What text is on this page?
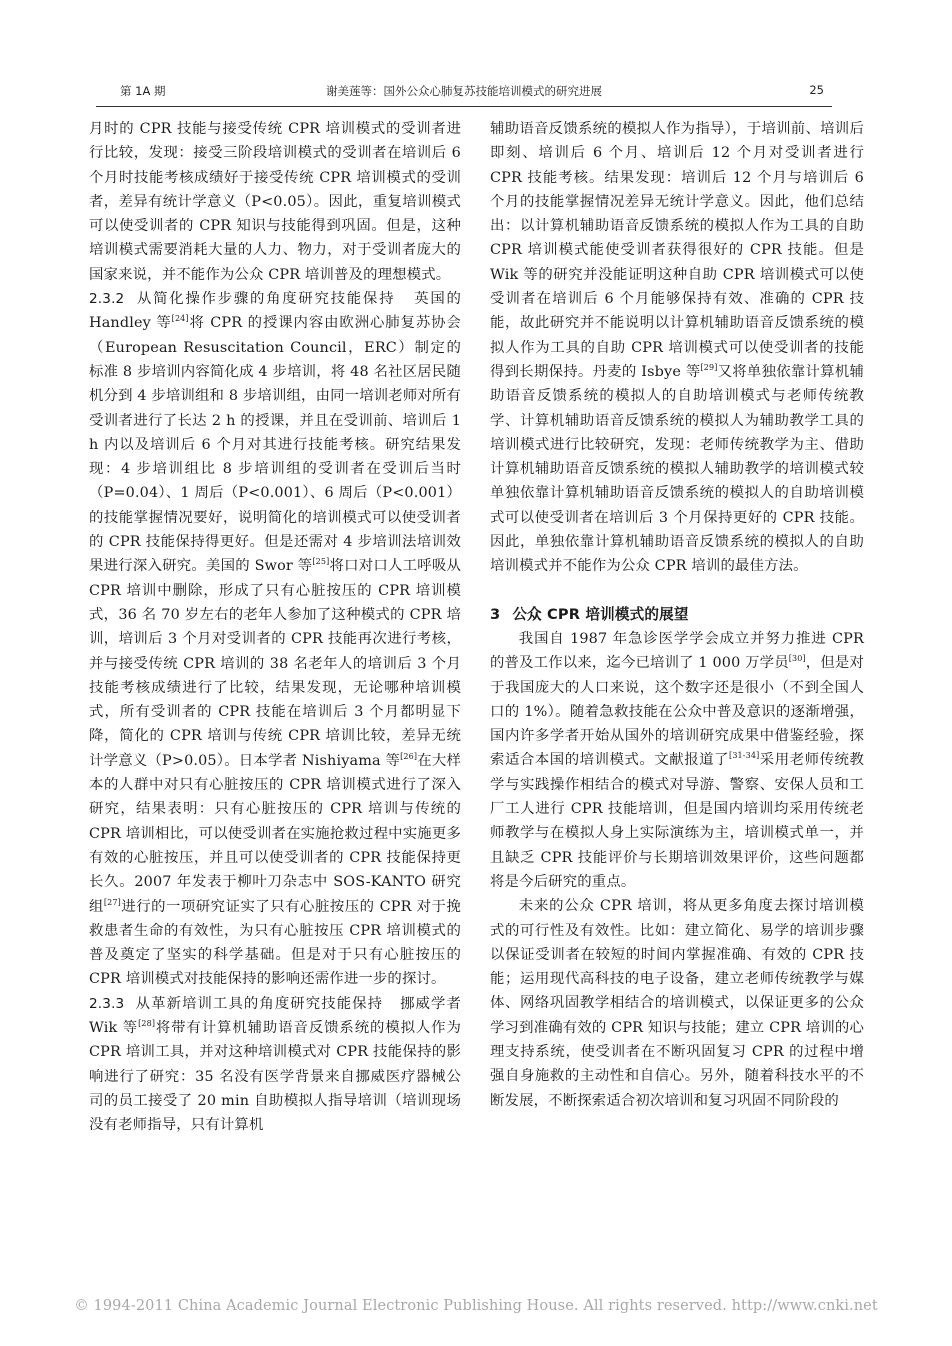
第 1A 期	谢美莲等：国外公众心肺复苏技能培训模式的研究进展	25

月时的 CPR 技能与接受传统 CPR 培训模式的受训者进行比较，发现：接受三阶段培训模式的受训者在培训后 6 个月时技能考核成绩好于接受传统 CPR 培训模式的受训者，差异有统计学意义（P<0.05）。因此，重复培训模式可以使受训者的 CPR 知识与技能得到巩固。但是，这种培训模式需要消耗大量的人力、物力，对于受训者庞大的国家来说，并不能作为公众 CPR 培训普及的理想模式。

2.3.2 从简化操作步骤的角度研究技能保持 英国的 Handley 等[24]将 CPR 的授课内容由欧洲心肺复苏协会（European Resuscitation Council，ERC）制定的标准 8 步培训内容简化成 4 步培训，将 48 名社区居民随机分到 4 步培训组和 8 步培训组，由同一培训老师对所有受训者进行了长达 2 h 的授课，并且在受训前、培训后 1 h 内以及培训后 6 个月对其进行技能考核。研究结果发现：4 步培训组比 8 步培训组的受训者在受训后当时（P=0.04）、1 周后（P<0.001）、6 周后（P<0.001）的技能掌握情况要好，说明简化的培训模式可以使受训者的 CPR 技能保持得更好。但是还需对 4 步培训法培训效果进行深入研究。美国的 Swor 等[25]将口对口人工呼吸从 CPR 培训中删除，形成了只有心脏按压的 CPR 培训模式，36 名 70 岁左右的老年人参加了这种模式的 CPR 培训，培训后 3 个月对受训者的 CPR 技能再次进行考核，并与接受传统 CPR 培训的 38 名老年人的培训后 3 个月技能考核成绩进行了比较，结果发现，无论哪种培训模式，所有受训者的 CPR 技能在培训后 3 个月都明显下降，简化的 CPR 培训与传统 CPR 培训比较，差异无统计学意义（P>0.05）。日本学者 Nishiyama 等[26]在大样本的人群中对只有心脏按压的 CPR 培训模式进行了深入研究，结果表明：只有心脏按压的 CPR 培训与传统的 CPR 培训相比，可以使受训者在实施抢救过程中实施更多有效的心脏按压，并且可以使受训者的 CPR 技能保持更长久。2007 年发表于柳叶刀杂志中 SOS-KANTO 研究组[27]进行的一项研究证实了只有心脏按压的 CPR 对于挽救患者生命的有效性，为只有心脏按压 CPR 培训模式的普及奠定了坚实的科学基础。但是对于只有心脏按压的 CPR 培训模式对技能保持的影响还需作进一步的探讨。

2.3.3 从革新培训工具的角度研究技能保持 挪威学者 Wik 等[28]将带有计算机辅助语音反馈系统的模拟人作为 CPR 培训工具，并对这种培训模式对 CPR 技能保持的影响进行了研究：35 名没有医学背景来自挪威医疗器械公司的员工接受了 20 min 自助模拟人指导培训（培训现场没有老师指导，只有计算机

辅助语音反馈系统的模拟人作为指导），于培训前、培训后即刻、培训后 6 个月、培训后 12 个月对受训者进行 CPR 技能考核。结果发现：培训后 12 个月与培训后 6 个月的技能掌握情况差异无统计学意义。因此，他们总结出：以计算机辅助语音反馈系统的模拟人作为工具的自助 CPR 培训模式能使受训者获得很好的 CPR 技能。但是 Wik 等的研究并没能证明这种自助 CPR 培训模式可以使受训者在培训后 6 个月能够保持有效、准确的 CPR 技能，故此研究并不能说明以计算机辅助语音反馈系统的模拟人作为工具的自助 CPR 培训模式可以使受训者的技能得到长期保持。丹麦的 Isbye 等[29]又将单独依靠计算机辅助语音反馈系统的模拟人的自助培训模式与老师传统教学、计算机辅助语音反馈系统的模拟人为辅助教学工具的培训模式进行比较研究，发现：老师传统教学为主、借助计算机辅助语音反馈系统的模拟人辅助教学的培训模式较单独依靠计算机辅助语音反馈系统的模拟人的自助培训模式可以使受训者在培训后 3 个月保持更好的 CPR 技能。因此，单独依靠计算机辅助语音反馈系统的模拟人的自助培训模式并不能作为公众 CPR 培训的最佳方法。

3 公众 CPR 培训模式的展望

我国自 1987 年急诊医学学会成立并努力推进 CPR 的普及工作以来，迄今已培训了 1 000 万学员[30]，但是对于我国庞大的人口来说，这个数字还是很小（不到全国人口的 1%）。随着急救技能在公众中普及意识的逐渐增强，国内许多学者开始从国外的培训研究成果中借鉴经验，探索适合本国的培训模式。文献报道了[31-34]采用老师传统教学与实践操作相结合的模式对导游、警察、安保人员和工厂工人进行 CPR 技能培训，但是国内培训均采用传统老师教学与在模拟人身上实际演练为主，培训模式单一，并且缺乏 CPR 技能评价与长期培训效果评价，这些问题都将是今后研究的重点。

未来的公众 CPR 培训，将从更多角度去探讨培训模式的可行性及有效性。比如：建立简化、易学的培训步骤以保证受训者在较短的时间内掌握准确、有效的 CPR 技能；运用现代高科技的电子设备，建立老师传统教学与媒体、网络巩固教学相结合的培训模式，以保证更多的公众学习到准确有效的 CPR 知识与技能；建立 CPR 培训的心理支持系统，使受训者在不断巩固复习 CPR 的过程中增强自身施救的主动性和自信心。另外，随着科技水平的不断发展，不断探索适合初次培训和复习巩固不同阶段的

© 1994-2011 China Academic Journal Electronic Publishing House. All rights reserved. http://www.cnki.net
